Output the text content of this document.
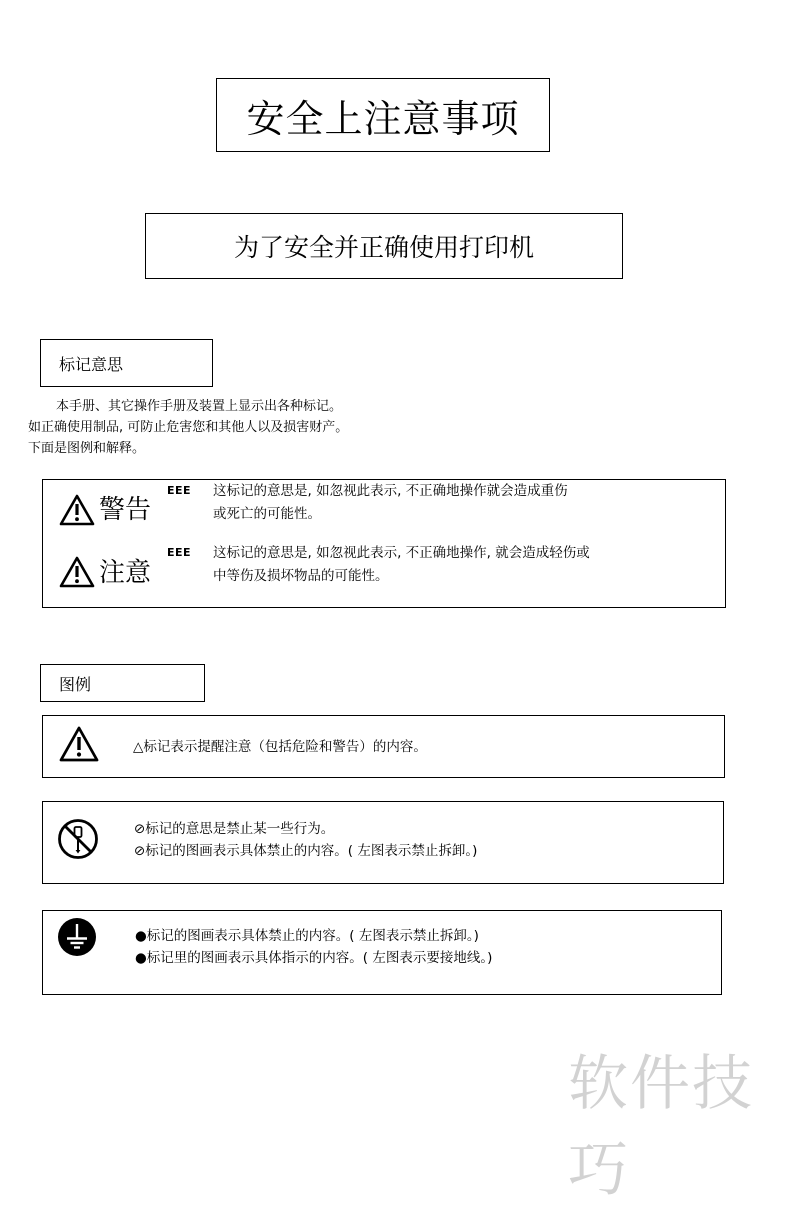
安全上注意事项
为了安全并正确使用打印机
标记意思
本手册、其它操作手册及装置上显示出各种标记。
如正确使用制品, 可防止危害您和其他人以及损害财产。
下面是图例和解释。
警告
EEE 这标记的意思是, 如忽视此表示, 不正确地操作就会造成重伤
或死亡的可能性。
注意
EEE 这标记的意思是, 如忽视此表示, 不正确地操作, 就会造成轻伤或
中等伤及损坏物品的可能性。
图例
△标记表示提醒注意（包括危险和警告）的内容。
⊘标记的意思是禁止某一些行为。
⊘标记的图画表示具体禁止的内容。( 左图表示禁止拆卸。)
●标记的图画表示具体禁止的内容。( 左图表示禁止拆卸。)
●标记里的图画表示具体指示的内容。( 左图表示要接地线。)
软件技巧
